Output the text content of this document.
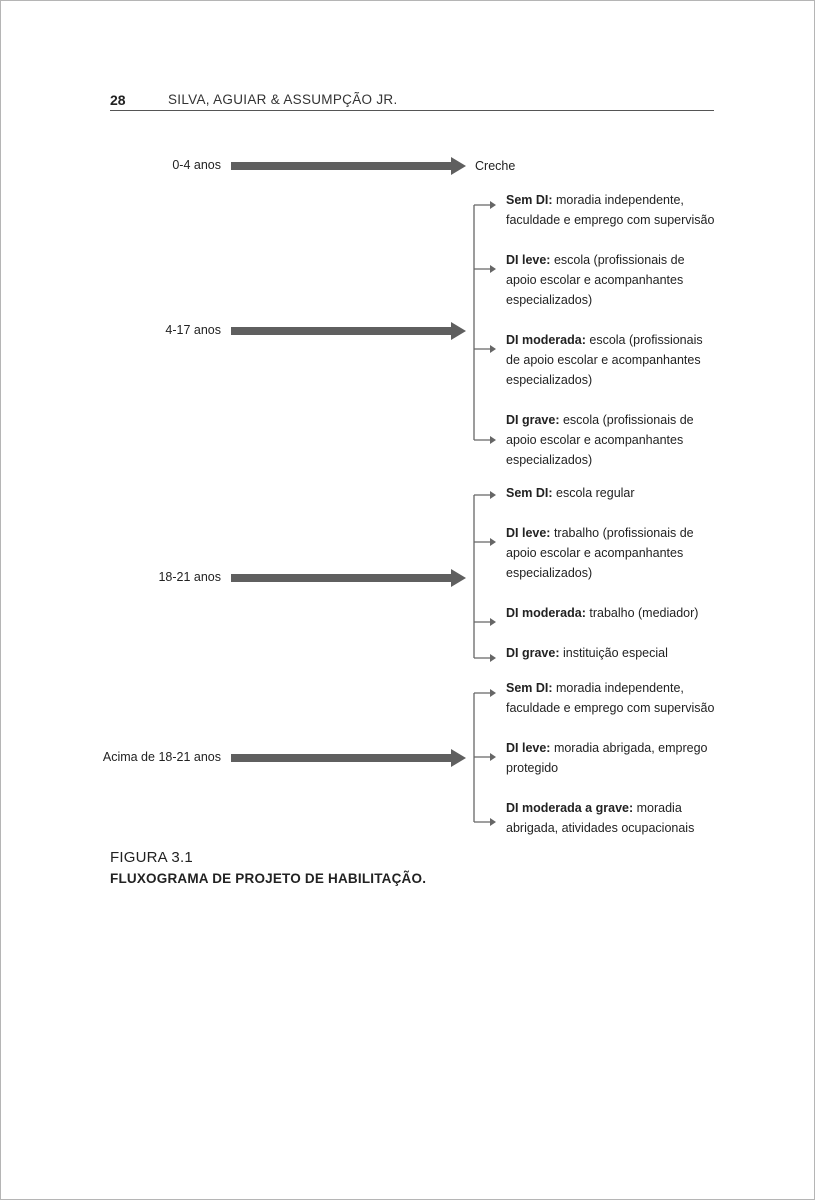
28	SILVA, AGUIAR & ASSUMPÇÃO JR.
0-4 anos	Creche
4-17 anos
Sem DI: moradia independente,
faculdade e emprego com supervisão
DI leve: escola (profissionais de
apoio escolar e acompanhantes
especializados)
DI moderada: escola (profissionais
de apoio escolar e acompanhantes
especializados)
DI grave: escola (profissionais de
apoio escolar e acompanhantes
especializados)
18-21 anos
Sem DI: escola regular
DI leve: trabalho (profissionais de
apoio escolar e acompanhantes
especializados)
DI moderada: trabalho (mediador)
DI grave: instituição especial
Acima de 18-21 anos
Sem DI: moradia independente,
faculdade e emprego com supervisão
DI leve: moradia abrigada, emprego
protegido
DI moderada a grave: moradia
abrigada, atividades ocupacionais
FIGURA 3.1
FLUXOGRAMA DE PROJETO DE HABILITAÇÃO.
